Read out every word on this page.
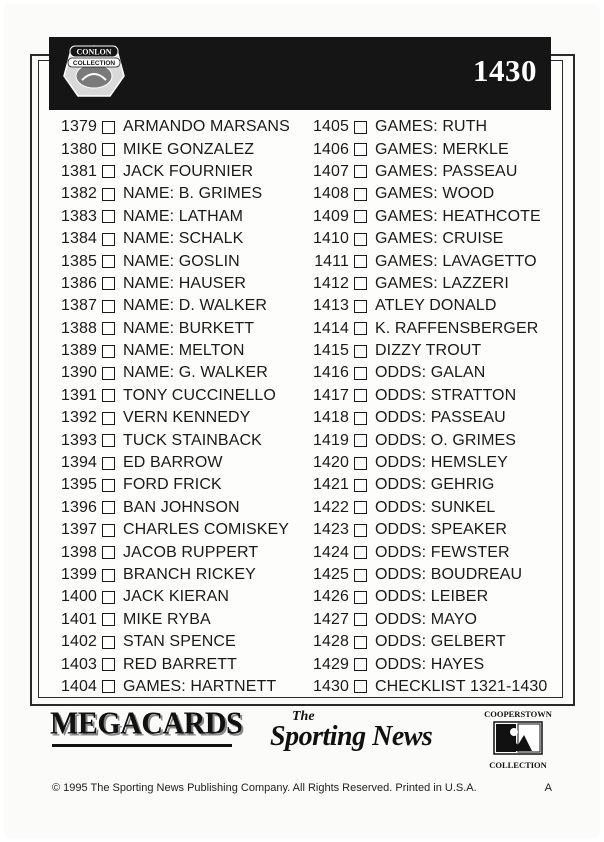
1430
CONLON
COLLECTION
1379 ARMANDO MARSANS
1380 MIKE GONZALEZ
1381 JACK FOURNIER
1382 NAME: B. GRIMES
1383 NAME: LATHAM
1384 NAME: SCHALK
1385 NAME: GOSLIN
1386 NAME: HAUSER
1387 NAME: D. WALKER
1388 NAME: BURKETT
1389 NAME: MELTON
1390 NAME: G. WALKER
1391 TONY CUCCINELLO
1392 VERN KENNEDY
1393 TUCK STAINBACK
1394 ED BARROW
1395 FORD FRICK
1396 BAN JOHNSON
1397 CHARLES COMISKEY
1398 JACOB RUPPERT
1399 BRANCH RICKEY
1400 JACK KIERAN
1401 MIKE RYBA
1402 STAN SPENCE
1403 RED BARRETT
1404 GAMES: HARTNETT
1405 GAMES: RUTH
1406 GAMES: MERKLE
1407 GAMES: PASSEAU
1408 GAMES: WOOD
1409 GAMES: HEATHCOTE
1410 GAMES: CRUISE
1411 GAMES: LAVAGETTO
1412 GAMES: LAZZERI
1413 ATLEY DONALD
1414 K. RAFFENSBERGER
1415 DIZZY TROUT
1416 ODDS: GALAN
1417 ODDS: STRATTON
1418 ODDS: PASSEAU
1419 ODDS: O. GRIMES
1420 ODDS: HEMSLEY
1421 ODDS: GEHRIG
1422 ODDS: SUNKEL
1423 ODDS: SPEAKER
1424 ODDS: FEWSTER
1425 ODDS: BOUDREAU
1426 ODDS: LEIBER
1427 ODDS: MAYO
1428 ODDS: GELBERT
1429 ODDS: HAYES
1430 CHECKLIST 1321-1430
MEGACARDS	The
Sporting News
COOPERSTOWN
COLLECTION
© 1995 The Sporting News Publishing Company. All Rights Reserved. Printed in U.S.A.	A
